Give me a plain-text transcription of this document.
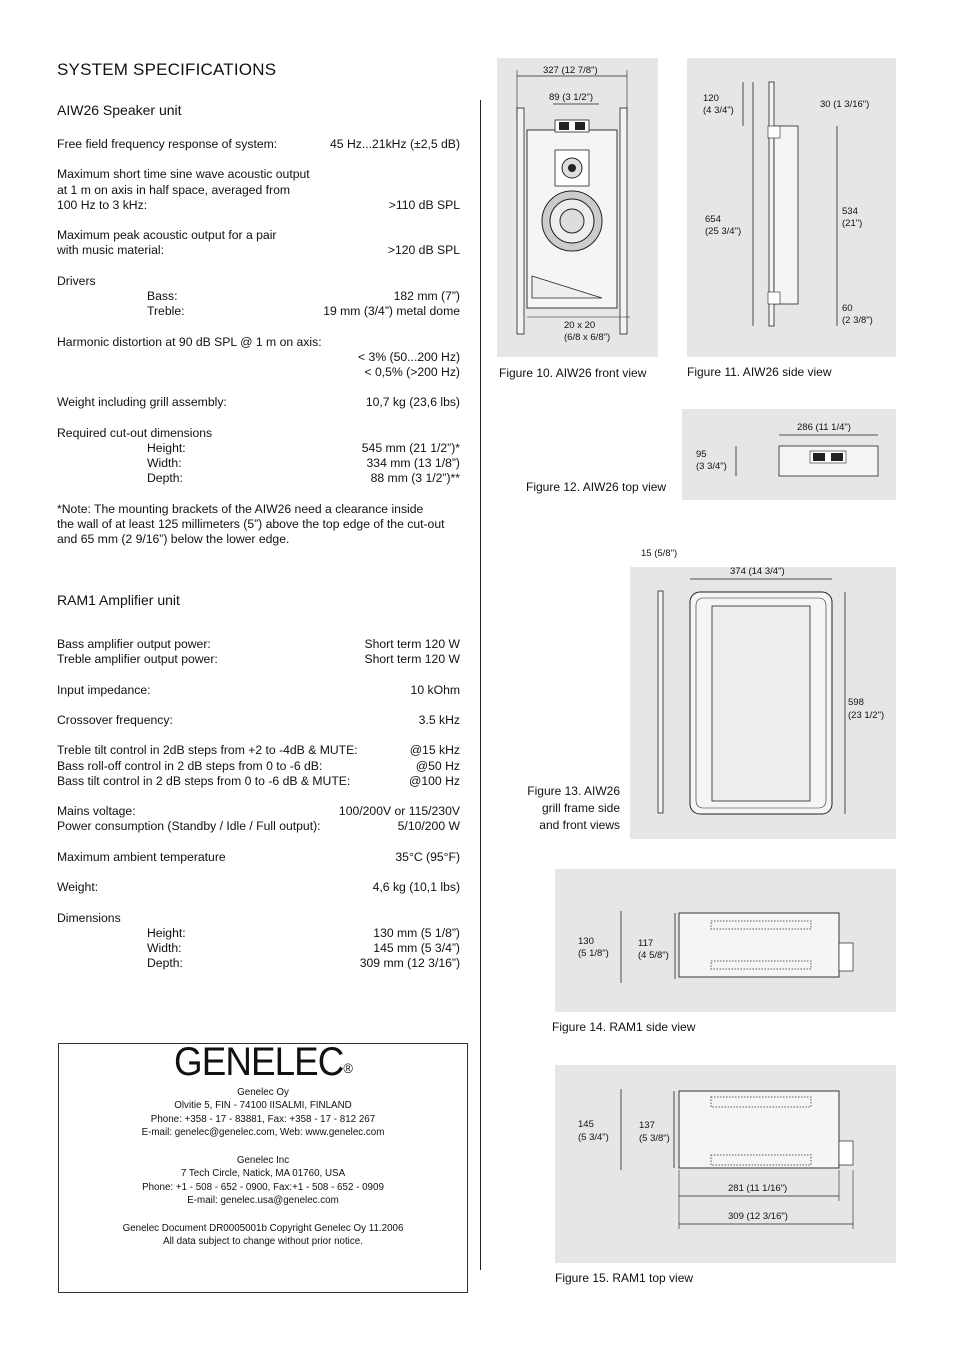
SYSTEM SPECIFICATIONS
AIW26 Speaker unit
Free field frequency response of system:	45 Hz...21kHz (±2,5 dB)
Maximum short time sine wave acoustic output
at 1 m on axis in half space, averaged from
100 Hz to 3 kHz:	>110 dB SPL
Maximum peak acoustic output for a pair
with music material:	>120 dB SPL
Drivers
Bass:	182 mm (7”)
Treble:	19 mm (3/4”) metal dome
Harmonic distortion at 90 dB SPL @ 1 m on axis:
< 3% (50...200 Hz)
< 0,5% (>200 Hz)
Weight including grill assembly:	10,7 kg (23,6 lbs)
Required cut-out dimensions
Height:	545 mm (21 1/2”)*
Width:	334 mm (13 1/8”)
Depth:	88 mm (3 1/2”)**
*Note: The mounting brackets of the AIW26 need a clearance inside
the wall of at least 125 millimeters (5”) above the top edge of the cut-out
and 65 mm (2 9/16”) below the lower edge.
RAM1 Amplifier unit
Bass amplifier output power:	Short term 120 W
Treble amplifier output power:	Short term 120 W
Input impedance:	10 kOhm
Crossover frequency:	3.5 kHz
Treble tilt control in 2dB steps from +2 to -4dB & MUTE:	@15 kHz
Bass roll-off control in 2 dB steps from 0 to -6 dB:	@50 Hz
Bass tilt control in 2 dB steps from 0 to -6 dB & MUTE:	@100 Hz
Mains voltage:	100/200V or 115/230V
Power consumption (Standby / Idle / Full output):	5/10/200 W
Maximum ambient temperature	35°C (95°F)
Weight:	4,6 kg (10,1 lbs)
Dimensions
Height:	130 mm (5 1/8”)
Width:	145 mm (5 3/4”)
Depth:	309 mm (12 3/16”)
GENELEC®
Genelec Oy
Olvitie 5, FIN - 74100 IISALMI, FINLAND
Phone: +358 - 17 - 83881, Fax: +358 - 17 - 812 267
E-mail: genelec@genelec.com, Web: www.genelec.com
Genelec Inc
7 Tech Circle, Natick, MA 01760, USA
Phone: +1 - 508 - 652 - 0900, Fax:+1 - 508 - 652 - 0909
E-mail: genelec.usa@genelec.com
Genelec Document DR0005001b Copyright Genelec Oy 11.2006
All data subject to change without prior notice.
327 (12 7/8")
89 (3 1/2")
20 x 20
(6/8 x 6/8")
Figure 10. AIW26 front view
120
(4 3/4")
30 (1 3/16")
654
(25 3/4")
534
(21")
60
(2 3/8")
Figure 11. AIW26 side view
286 (11 1/4")
95
(3 3/4")
Figure 12. AIW26 top view
15 (5/8")
374 (14 3/4")
598
(23 1/2")
Figure 13. AIW26
grill frame side
and front views
130
(5 1/8")
117
(4 5/8")
Figure 14. RAM1 side view
145
(5 3/4")
137
(5 3/8")
281 (11 1/16")
309 (12 3/16")
Figure 15. RAM1 top view
